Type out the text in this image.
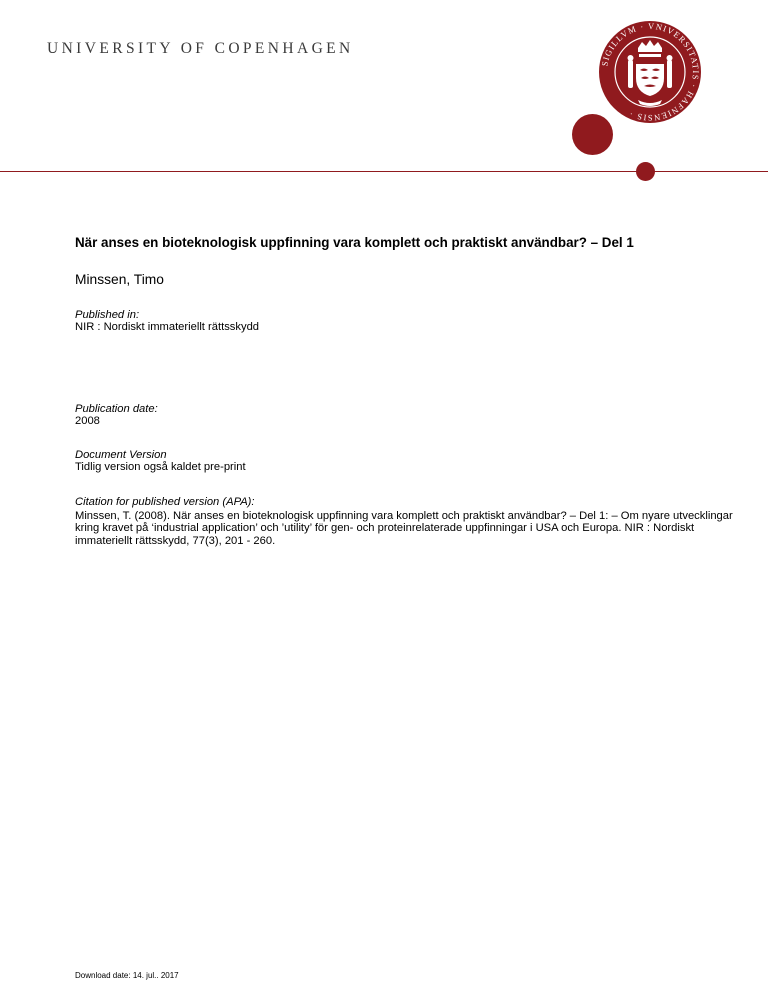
UNIVERSITY OF COPENHAGEN
SIGILLVM · VNIVERSITATIS · HAFNIENSIS ·
När anses en bioteknologisk uppfinning vara komplett och praktiskt användbar? – Del 1
Minssen, Timo
Published in:
NIR : Nordiskt immateriellt rättsskydd
Publication date:
2008
Document Version
Tidlig version også kaldet pre-print
Citation for published version (APA):
Minssen, T. (2008). När anses en bioteknologisk uppfinning vara komplett och praktiskt användbar? – Del 1: – Om nyare utvecklingar kring kravet på ‘industrial application’ och ’utility’ för gen- och proteinrelaterade uppfinningar i USA och Europa. NIR : Nordiskt immateriellt rättsskydd, 77(3), 201 - 260.
Download date: 14. jul.. 2017
